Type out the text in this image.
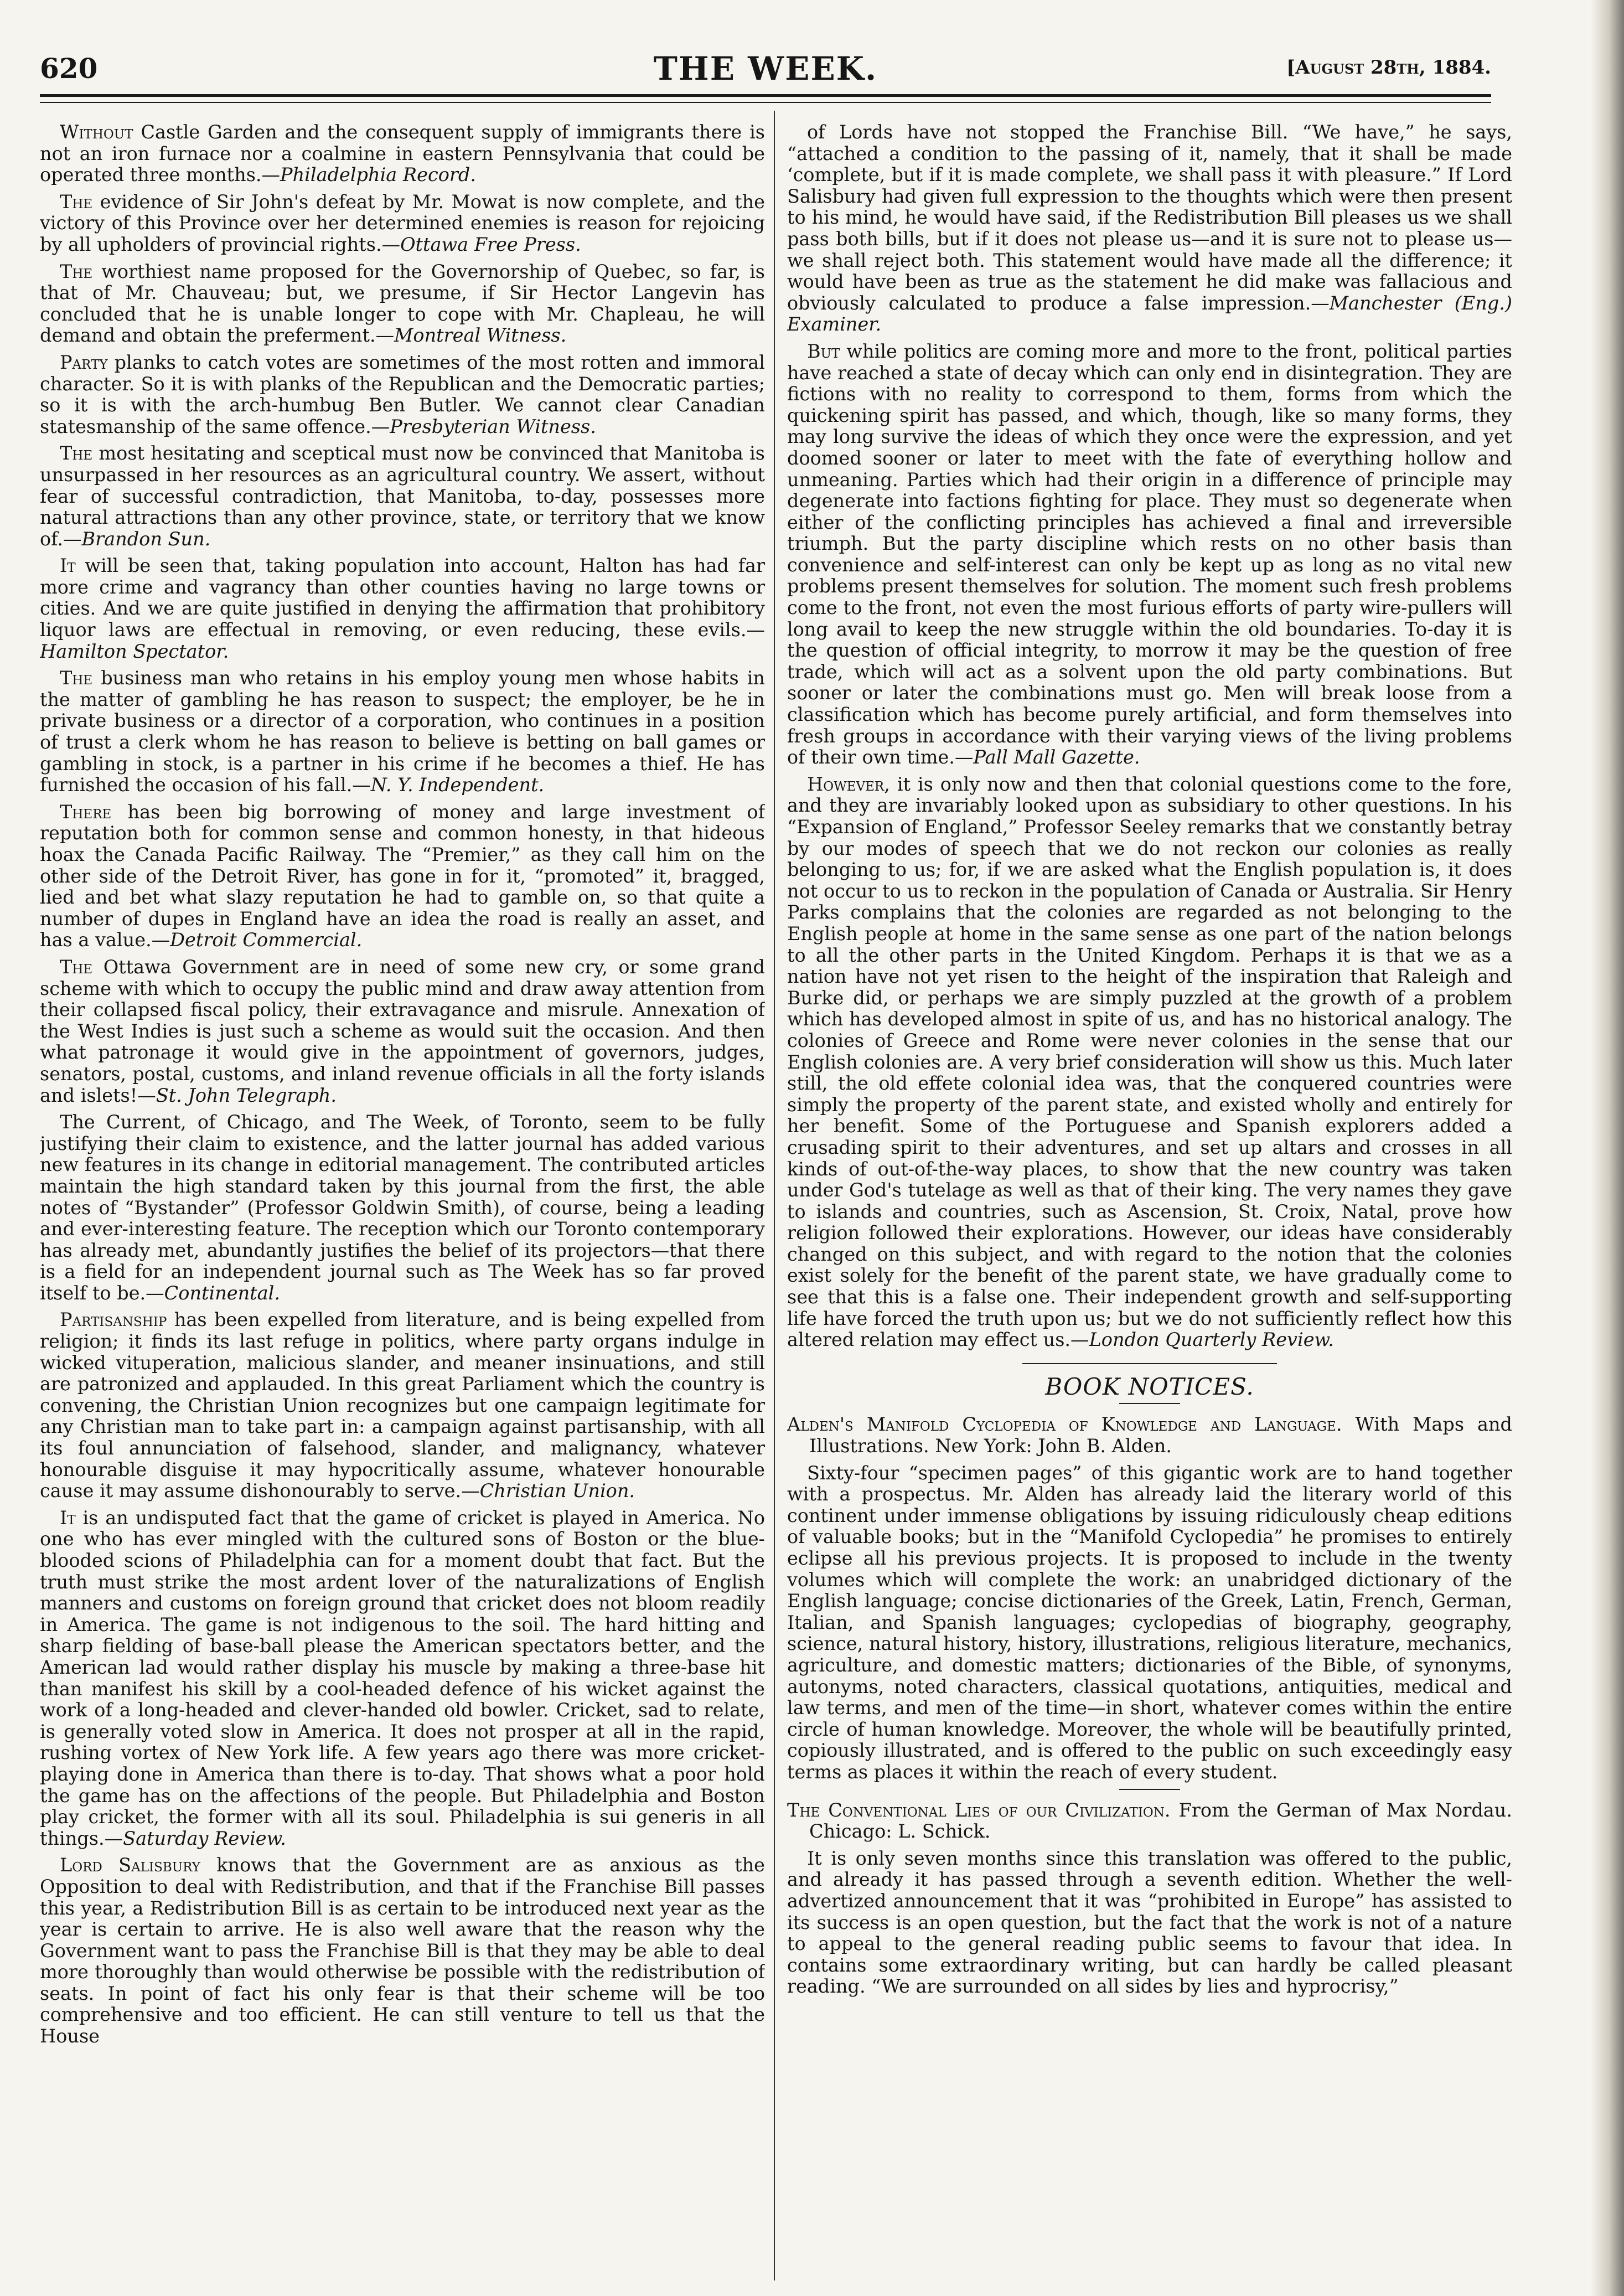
620	THE WEEK.	[August 28th, 1884.

Without Castle Garden and the consequent supply of immigrants there is not an iron furnace nor a coalmine in eastern Pennsylvania that could be operated three months.—Philadelphia Record.

The evidence of Sir John's defeat by Mr. Mowat is now complete, and the victory of this Province over her determined enemies is reason for rejoicing by all upholders of provincial rights.—Ottawa Free Press.

The worthiest name proposed for the Governorship of Quebec, so far, is that of Mr. Chauveau; but, we presume, if Sir Hector Langevin has concluded that he is unable longer to cope with Mr. Chapleau, he will demand and obtain the preferment.—Montreal Witness.

Party planks to catch votes are sometimes of the most rotten and immoral character. So it is with planks of the Republican and the Democratic parties; so it is with the arch-humbug Ben Butler. We cannot clear Canadian statesmanship of the same offence.—Presbyterian Witness.

The most hesitating and sceptical must now be convinced that Manitoba is unsurpassed in her resources as an agricultural country. We assert, without fear of successful contradiction, that Manitoba, to-day, possesses more natural attractions than any other province, state, or territory that we know of.—Brandon Sun.

It will be seen that, taking population into account, Halton has had far more crime and vagrancy than other counties having no large towns or cities. And we are quite justified in denying the affirmation that prohibitory liquor laws are effectual in removing, or even reducing, these evils.—Hamilton Spectator.

The business man who retains in his employ young men whose habits in the matter of gambling he has reason to suspect; the employer, be he in private business or a director of a corporation, who continues in a position of trust a clerk whom he has reason to believe is betting on ball games or gambling in stock, is a partner in his crime if he becomes a thief. He has furnished the occasion of his fall.—N. Y. Independent.

There has been big borrowing of money and large investment of reputation both for common sense and common honesty, in that hideous hoax the Canada Pacific Railway. The “Premier,” as they call him on the other side of the Detroit River, has gone in for it, “promoted” it, bragged, lied and bet what slazy reputation he had to gamble on, so that quite a number of dupes in England have an idea the road is really an asset, and has a value.—Detroit Commercial.

The Ottawa Government are in need of some new cry, or some grand scheme with which to occupy the public mind and draw away attention from their collapsed fiscal policy, their extravagance and misrule. Annexation of the West Indies is just such a scheme as would suit the occasion. And then what patronage it would give in the appointment of governors, judges, senators, postal, customs, and inland revenue officials in all the forty islands and islets!—St. John Telegraph.

The Current, of Chicago, and The Week, of Toronto, seem to be fully justifying their claim to existence, and the latter journal has added various new features in its change in editorial management. The contributed articles maintain the high standard taken by this journal from the first, the able notes of “Bystander” (Professor Goldwin Smith), of course, being a leading and ever-interesting feature. The reception which our Toronto contemporary has already met, abundantly justifies the belief of its projectors—that there is a field for an independent journal such as The Week has so far proved itself to be.—Continental.

Partisanship has been expelled from literature, and is being expelled from religion; it finds its last refuge in politics, where party organs indulge in wicked vituperation, malicious slander, and meaner insinuations, and still are patronized and applauded. In this great Parliament which the country is convening, the Christian Union recognizes but one campaign legitimate for any Christian man to take part in: a campaign against partisanship, with all its foul annunciation of falsehood, slander, and malignancy, whatever honourable disguise it may hypocritically assume, whatever honourable cause it may assume dishonourably to serve.—Christian Union.

It is an undisputed fact that the game of cricket is played in America. No one who has ever mingled with the cultured sons of Boston or the blue-blooded scions of Philadelphia can for a moment doubt that fact. But the truth must strike the most ardent lover of the naturalizations of English manners and customs on foreign ground that cricket does not bloom readily in America. The game is not indigenous to the soil. The hard hitting and sharp fielding of base-ball please the American spectators better, and the American lad would rather display his muscle by making a three-base hit than manifest his skill by a cool-headed defence of his wicket against the work of a long-headed and clever-handed old bowler. Cricket, sad to relate, is generally voted slow in America. It does not prosper at all in the rapid, rushing vortex of New York life. A few years ago there was more cricket-playing done in America than there is to-day. That shows what a poor hold the game has on the affections of the people. But Philadelphia and Boston play cricket, the former with all its soul. Philadelphia is sui generis in all things.—Saturday Review.

Lord Salisbury knows that the Government are as anxious as the Opposition to deal with Redistribution, and that if the Franchise Bill passes this year, a Redistribution Bill is as certain to be introduced next year as the year is certain to arrive. He is also well aware that the reason why the Government want to pass the Franchise Bill is that they may be able to deal more thoroughly than would otherwise be possible with the redistribution of seats. In point of fact his only fear is that their scheme will be too comprehensive and too efficient. He can still venture to tell us that the House

of Lords have not stopped the Franchise Bill. “We have,” he says, “attached a condition to the passing of it, namely, that it shall be made ‘complete, but if it is made complete, we shall pass it with pleasure.” If Lord Salisbury had given full expression to the thoughts which were then present to his mind, he would have said, if the Redistribution Bill pleases us we shall pass both bills, but if it does not please us—and it is sure not to please us—we shall reject both. This statement would have made all the difference; it would have been as true as the statement he did make was fallacious and obviously calculated to produce a false impression.—Manchester (Eng.) Examiner.

But while politics are coming more and more to the front, political parties have reached a state of decay which can only end in disintegration. They are fictions with no reality to correspond to them, forms from which the quickening spirit has passed, and which, though, like so many forms, they may long survive the ideas of which they once were the expression, and yet doomed sooner or later to meet with the fate of everything hollow and unmeaning. Parties which had their origin in a difference of principle may degenerate into factions fighting for place. They must so degenerate when either of the conflicting principles has achieved a final and irreversible triumph. But the party discipline which rests on no other basis than convenience and self-interest can only be kept up as long as no vital new problems present themselves for solution. The moment such fresh problems come to the front, not even the most furious efforts of party wire-pullers will long avail to keep the new struggle within the old boundaries. To-day it is the question of official integrity, to morrow it may be the question of free trade, which will act as a solvent upon the old party combinations. But sooner or later the combinations must go. Men will break loose from a classification which has become purely artificial, and form themselves into fresh groups in accordance with their varying views of the living problems of their own time.—Pall Mall Gazette.

However, it is only now and then that colonial questions come to the fore, and they are invariably looked upon as subsidiary to other questions. In his “Expansion of England,” Professor Seeley remarks that we constantly betray by our modes of speech that we do not reckon our colonies as really belonging to us; for, if we are asked what the English population is, it does not occur to us to reckon in the population of Canada or Australia. Sir Henry Parks complains that the colonies are regarded as not belonging to the English people at home in the same sense as one part of the nation belongs to all the other parts in the United Kingdom. Perhaps it is that we as a nation have not yet risen to the height of the inspiration that Raleigh and Burke did, or perhaps we are simply puzzled at the growth of a problem which has developed almost in spite of us, and has no historical analogy. The colonies of Greece and Rome were never colonies in the sense that our English colonies are. A very brief consideration will show us this. Much later still, the old effete colonial idea was, that the conquered countries were simply the property of the parent state, and existed wholly and entirely for her benefit. Some of the Portuguese and Spanish explorers added a crusading spirit to their adventures, and set up altars and crosses in all kinds of out-of-the-way places, to show that the new country was taken under God's tutelage as well as that of their king. The very names they gave to islands and countries, such as Ascension, St. Croix, Natal, prove how religion followed their explorations. However, our ideas have considerably changed on this subject, and with regard to the notion that the colonies exist solely for the benefit of the parent state, we have gradually come to see that this is a false one. Their independent growth and self-supporting life have forced the truth upon us; but we do not sufficiently reflect how this altered relation may effect us.—London Quarterly Review.

BOOK NOTICES.

Alden's Manifold Cyclopedia of Knowledge and Language. With Maps and Illustrations. New York: John B. Alden.

Sixty-four “specimen pages” of this gigantic work are to hand together with a prospectus. Mr. Alden has already laid the literary world of this continent under immense obligations by issuing ridiculously cheap editions of valuable books; but in the “Manifold Cyclopedia” he promises to entirely eclipse all his previous projects. It is proposed to include in the twenty volumes which will complete the work: an unabridged dictionary of the English language; concise dictionaries of the Greek, Latin, French, German, Italian, and Spanish languages; cyclopedias of biography, geography, science, natural history, history, illustrations, religious literature, mechanics, agriculture, and domestic matters; dictionaries of the Bible, of synonyms, autonyms, noted characters, classical quotations, antiquities, medical and law terms, and men of the time—in short, whatever comes within the entire circle of human knowledge. Moreover, the whole will be beautifully printed, copiously illustrated, and is offered to the public on such exceedingly easy terms as places it within the reach of every student.

The Conventional Lies of our Civilization. From the German of Max Nordau. Chicago: L. Schick.

It is only seven months since this translation was offered to the public, and already it has passed through a seventh edition. Whether the well-advertized announcement that it was “prohibited in Europe” has assisted to its success is an open question, but the fact that the work is not of a nature to appeal to the general reading public seems to favour that idea. In contains some extraordinary writing, but can hardly be called pleasant reading. “We are surrounded on all sides by lies and hyprocrisy,”
